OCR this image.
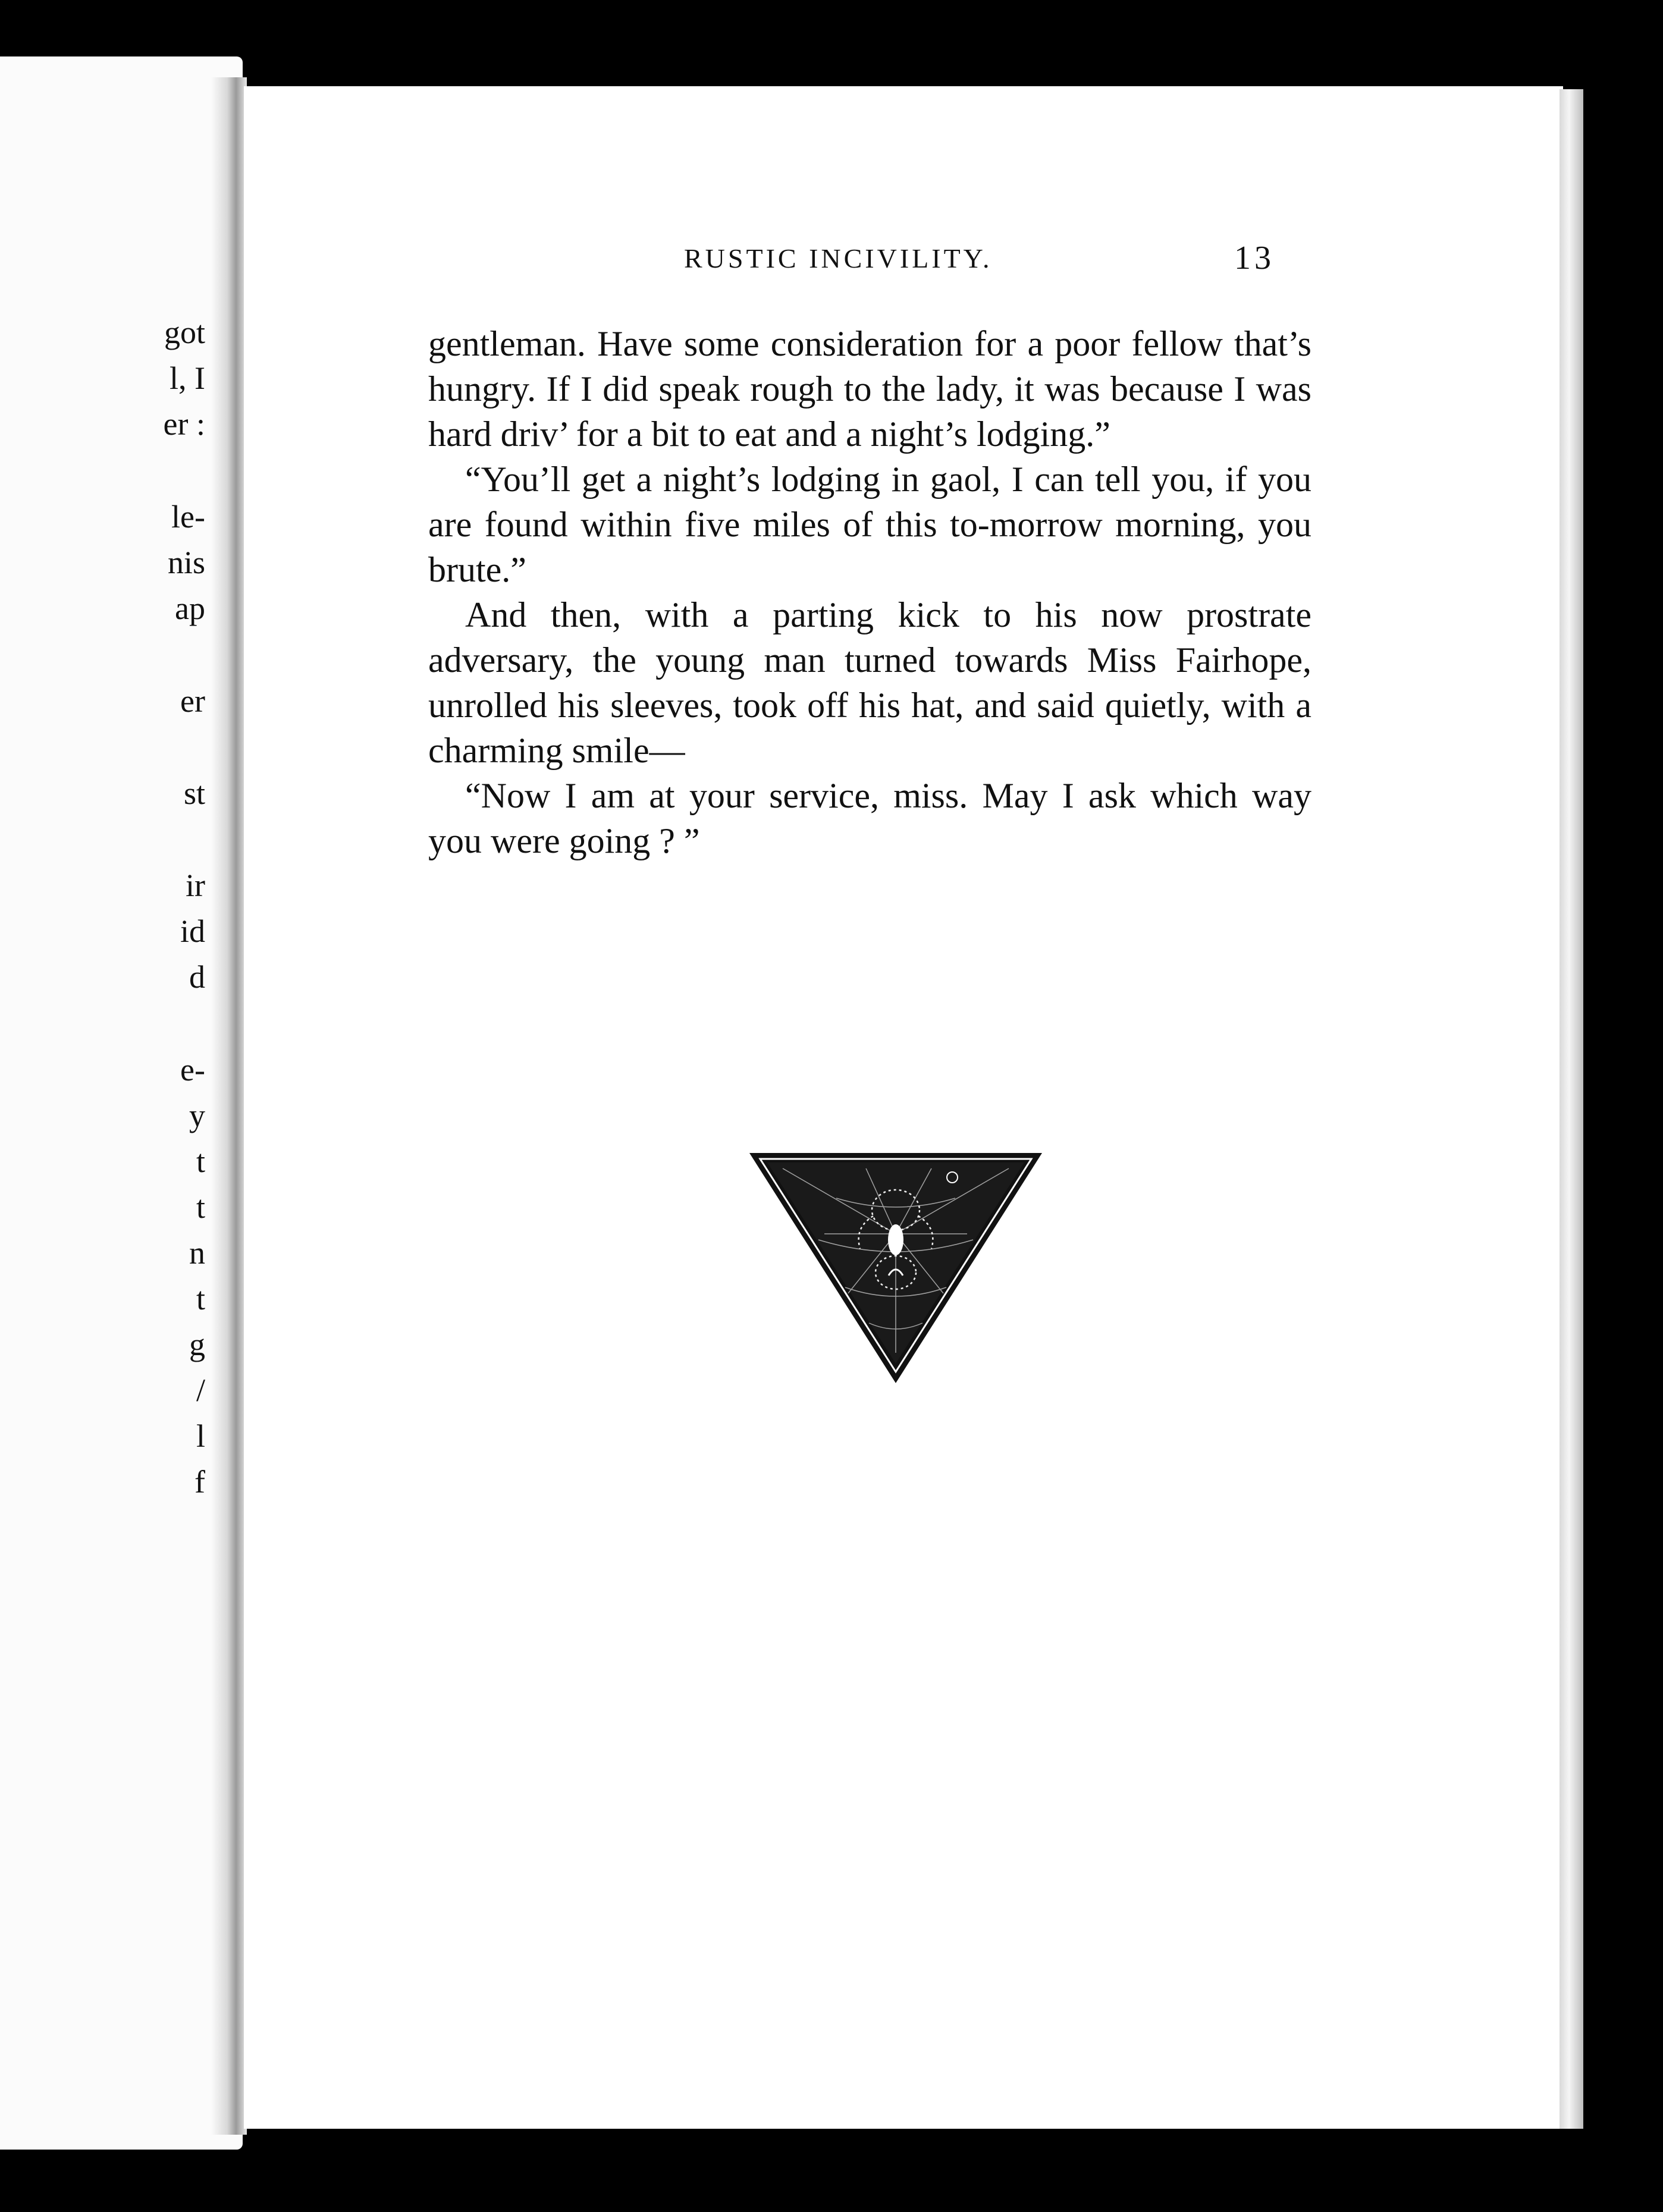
got
l, I
er :
le-
nis
ap
er
st
ir
id
d
e-
y
t
t
n
t
g
/
l
f
RUSTIC INCIVILITY.	13

gentleman. Have some consideration for a poor fellow that’s hungry. If I did speak rough to the lady, it was because I was hard driv’ for a bit to eat and a night’s lodging.”

“You’ll get a night’s lodging in gaol, I can tell you, if you are found within five miles of this to-morrow morning, you brute.”

And then, with a parting kick to his now prostrate adversary, the young man turned towards Miss Fairhope, unrolled his sleeves, took off his hat, and said quietly, with a charming smile—

“Now I am at your service, miss. May I ask which way you were going ? ”
